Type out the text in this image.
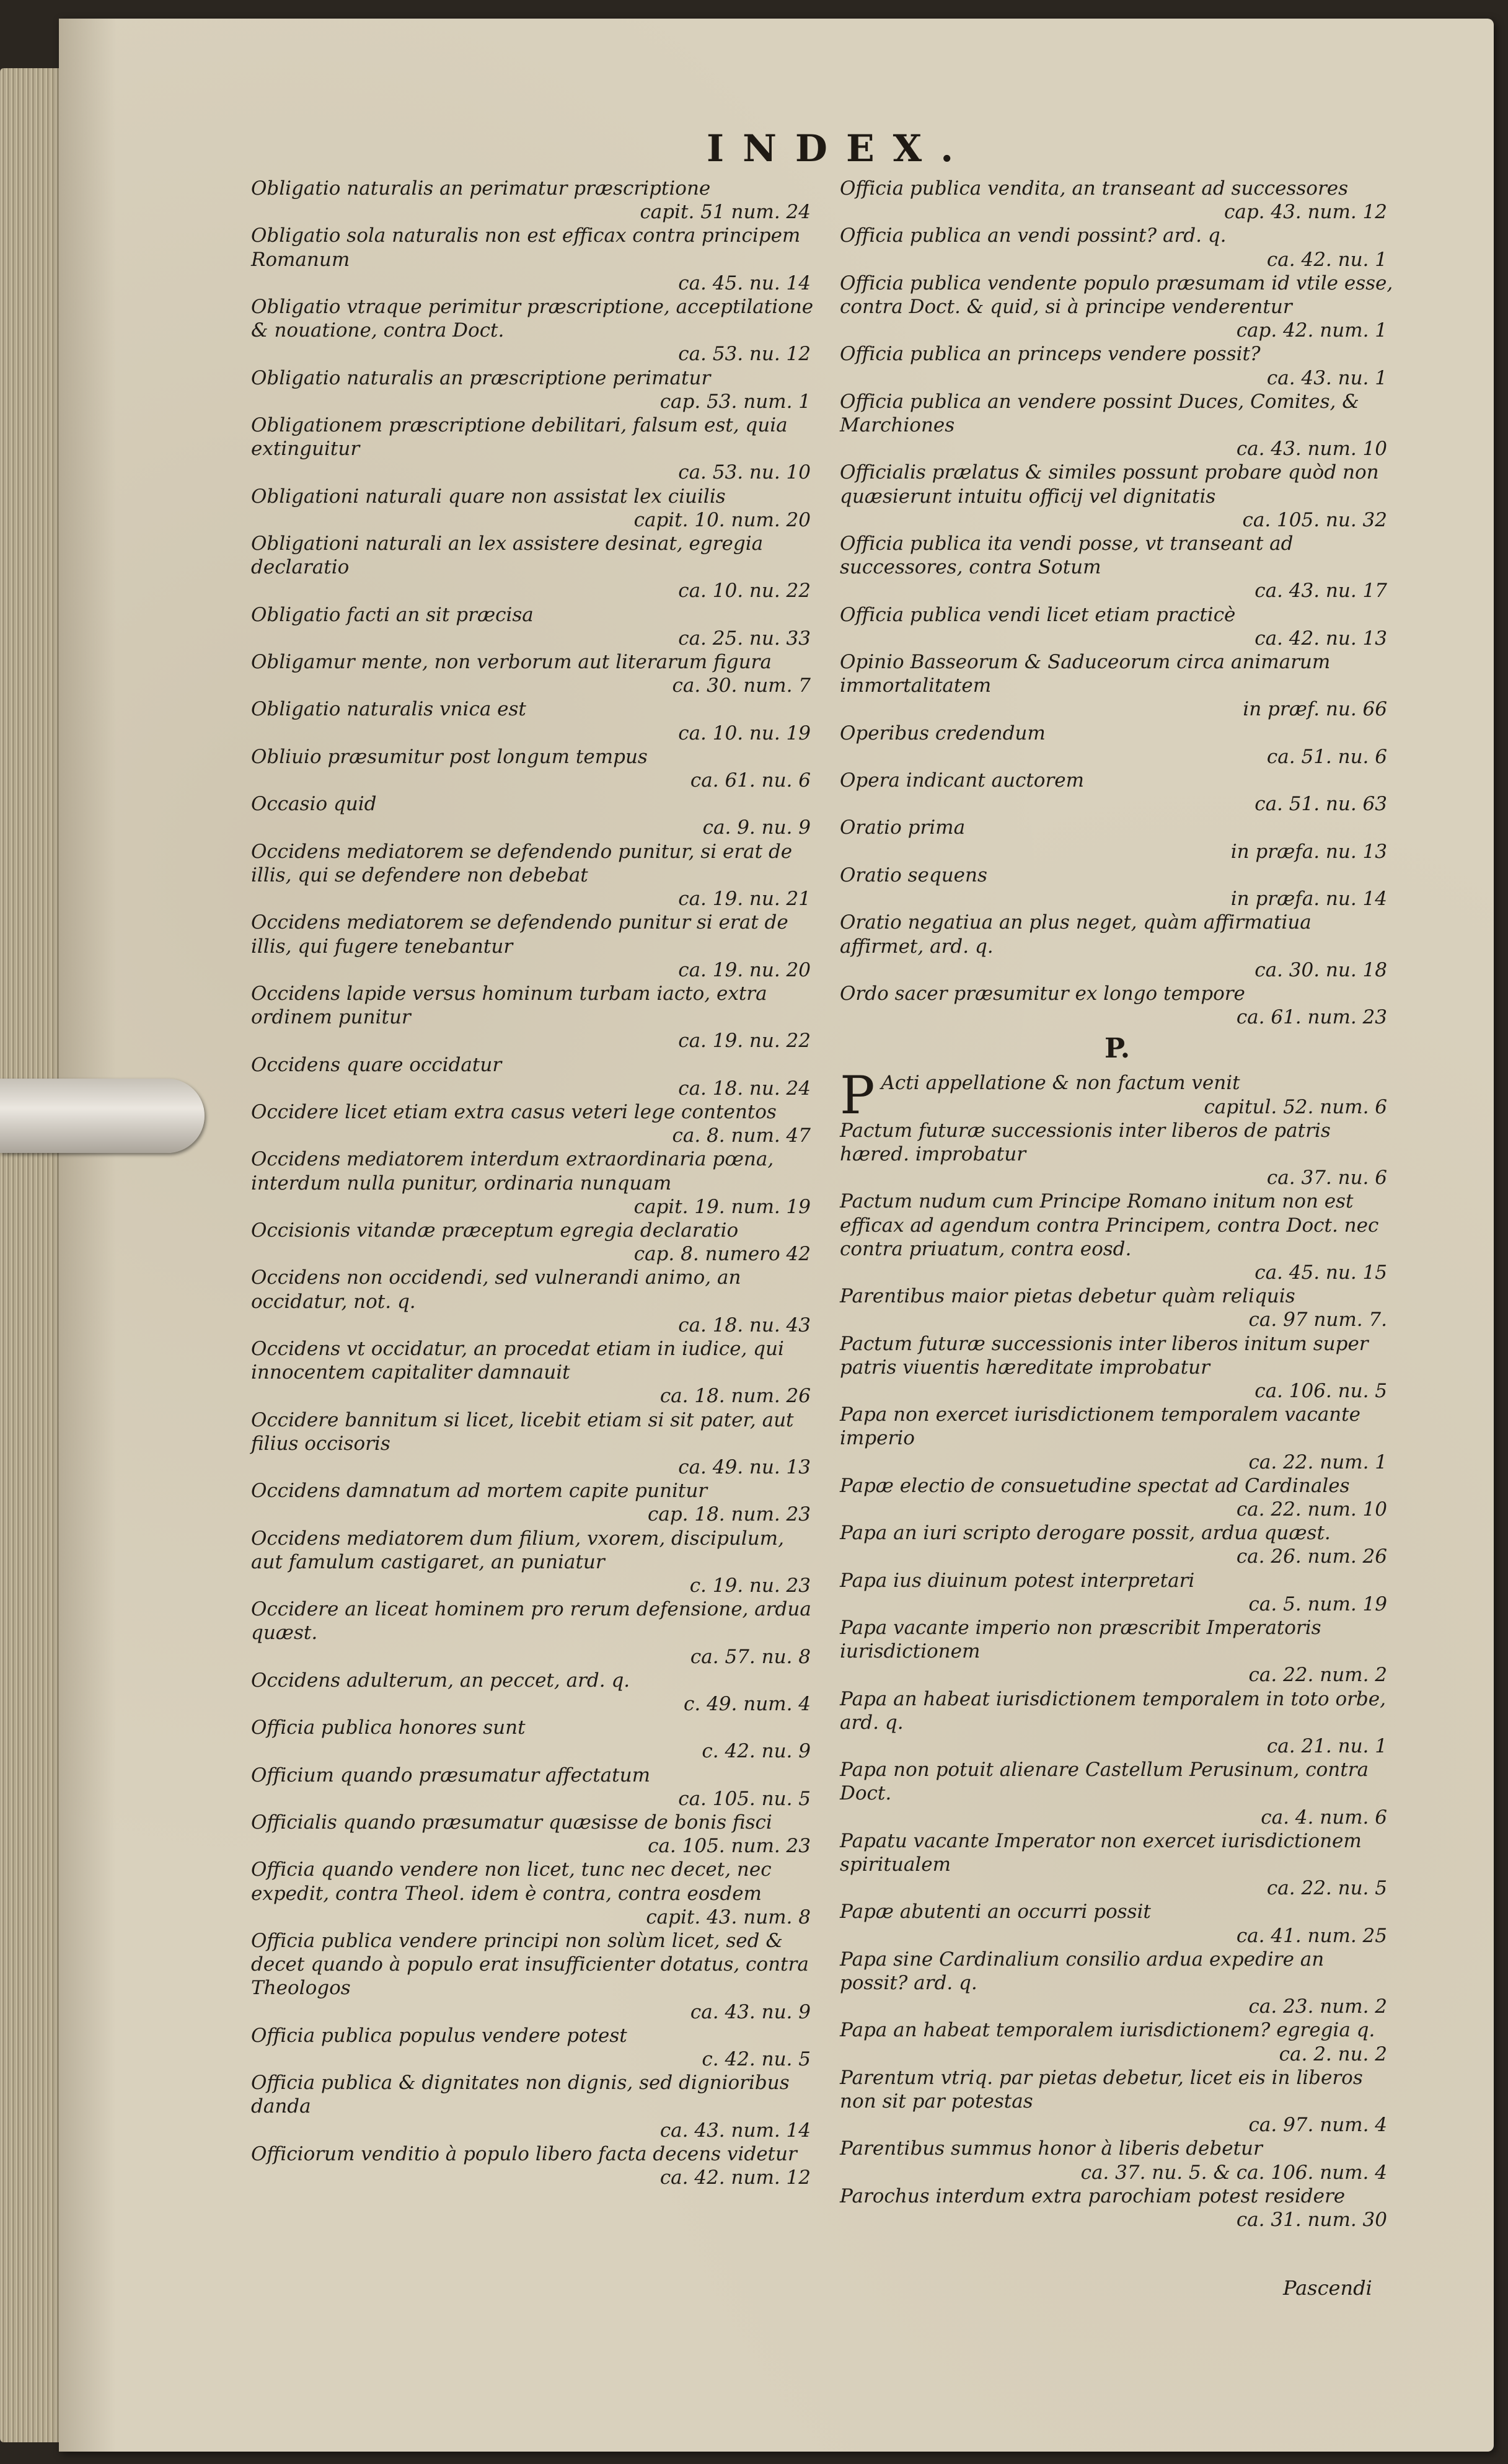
INDEX.
Obligatio naturalis an perimatur præscriptione
capit. 51 num. 24
Obligatio sola naturalis non est efficax contra principem Romanum
ca. 45. nu. 14
Obligatio vtraque perimitur præscriptione, acceptilatione & nouatione, contra Doct.
ca. 53. nu. 12
Obligatio naturalis an præscriptione perimatur
cap. 53. num. 1
Obligationem præscriptione debilitari, falsum est, quia extinguitur
ca. 53. nu. 10
Obligationi naturali quare non assistat lex ciuilis
capit. 10. num. 20
Obligationi naturali an lex assistere desinat, egregia declaratio
ca. 10. nu. 22
Obligatio facti an sit præcisa
ca. 25. nu. 33
Obligamur mente, non verborum aut literarum figura
ca. 30. num. 7
Obligatio naturalis vnica est
ca. 10. nu. 19
Obliuio præsumitur post longum tempus
ca. 61. nu. 6
Occasio quid
ca. 9. nu. 9
Occidens mediatorem se defendendo punitur, si erat de illis, qui se defendere non debebat
ca. 19. nu. 21
Occidens mediatorem se defendendo punitur si erat de illis, qui fugere tenebantur
ca. 19. nu. 20
Occidens lapide versus hominum turbam iacto, extra ordinem punitur
ca. 19. nu. 22
Occidens quare occidatur
ca. 18. nu. 24
Occidere licet etiam extra casus veteri lege contentos
ca. 8. num. 47
Occidens mediatorem interdum extraordinaria pœna, interdum nulla punitur, ordinaria nunquam
capit. 19. num. 19
Occisionis vitandæ præceptum egregia declaratio
cap. 8. numero 42
Occidens non occidendi, sed vulnerandi animo, an occidatur, not. q.
ca. 18. nu. 43
Occidens vt occidatur, an procedat etiam in iudice, qui innocentem capitaliter damnauit
ca. 18. num. 26
Occidere bannitum si licet, licebit etiam si sit pater, aut filius occisoris
ca. 49. nu. 13
Occidens damnatum ad mortem capite punitur
cap. 18. num. 23
Occidens mediatorem dum filium, vxorem, discipulum, aut famulum castigaret, an puniatur
c. 19. nu. 23
Occidere an liceat hominem pro rerum defensione, ardua quæst.
ca. 57. nu. 8
Occidens adulterum, an peccet, ard. q.
c. 49. num. 4
Officia publica honores sunt
c. 42. nu. 9
Officium quando præsumatur affectatum
ca. 105. nu. 5
Officialis quando præsumatur quæsisse de bonis fisci
ca. 105. num. 23
Officia quando vendere non licet, tunc nec decet, nec expedit, contra Theol. idem è contra, contra eosdem
capit. 43. num. 8
Officia publica vendere principi non solùm licet, sed & decet quando à populo erat insufficienter dotatus, contra Theologos
ca. 43. nu. 9
Officia publica populus vendere potest
c. 42. nu. 5
Officia publica & dignitates non dignis, sed dignioribus danda
ca. 43. num. 14
Officiorum venditio à populo libero facta decens videtur
ca. 42. num. 12
Officia publica vendita, an transeant ad successores
cap. 43. num. 12
Officia publica an vendi possint? ard. q.
ca. 42. nu. 1
Officia publica vendente populo præsumam id vtile esse, contra Doct. & quid, si à principe venderentur
cap. 42. num. 1
Officia publica an princeps vendere possit?
ca. 43. nu. 1
Officia publica an vendere possint Duces, Comites, & Marchiones
ca. 43. num. 10
Officialis prælatus & similes possunt probare quòd non quæsierunt intuitu officij vel dignitatis
ca. 105. nu. 32
Officia publica ita vendi posse, vt transeant ad successores, contra Sotum
ca. 43. nu. 17
Officia publica vendi licet etiam practicè
ca. 42. nu. 13
Opinio Basseorum & Saduceorum circa animarum immortalitatem
in præf. nu. 66
Operibus credendum
ca. 51. nu. 6
Opera indicant auctorem
ca. 51. nu. 63
Oratio prima
in præfa. nu. 13
Oratio sequens
in præfa. nu. 14
Oratio negatiua an plus neget, quàm affirmatiua affirmet, ard. q.
ca. 30. nu. 18
Ordo sacer præsumitur ex longo tempore
ca. 61. num. 23
P.
P Acti appellatione & non factum venit
capitul. 52. num. 6
Pactum futuræ successionis inter liberos de patris hæred. improbatur
ca. 37. nu. 6
Pactum nudum cum Principe Romano initum non est efficax ad agendum contra Principem, contra Doct. nec contra priuatum, contra eosd.
ca. 45. nu. 15
Parentibus maior pietas debetur quàm reliquis
ca. 97 num. 7.
Pactum futuræ successionis inter liberos initum super patris viuentis hæreditate improbatur
ca. 106. nu. 5
Papa non exercet iurisdictionem temporalem vacante imperio
ca. 22. num. 1
Papæ electio de consuetudine spectat ad Cardinales
ca. 22. num. 10
Papa an iuri scripto derogare possit, ardua quæst.
ca. 26. num. 26
Papa ius diuinum potest interpretari
ca. 5. num. 19
Papa vacante imperio non præscribit Imperatoris iurisdictionem
ca. 22. num. 2
Papa an habeat iurisdictionem temporalem in toto orbe, ard. q.
ca. 21. nu. 1
Papa non potuit alienare Castellum Perusinum, contra Doct.
ca. 4. num. 6
Papatu vacante Imperator non exercet iurisdictionem spiritualem
ca. 22. nu. 5
Papæ abutenti an occurri possit
ca. 41. num. 25
Papa sine Cardinalium consilio ardua expedire an possit? ard. q.
ca. 23. num. 2
Papa an habeat temporalem iurisdictionem? egregia q.
ca. 2. nu. 2
Parentum vtriq. par pietas debetur, licet eis in liberos non sit par potestas
ca. 97. num. 4
Parentibus summus honor à liberis debetur
ca. 37. nu. 5. & ca. 106. num. 4
Parochus interdum extra parochiam potest residere
ca. 31. num. 30
Pascendi
